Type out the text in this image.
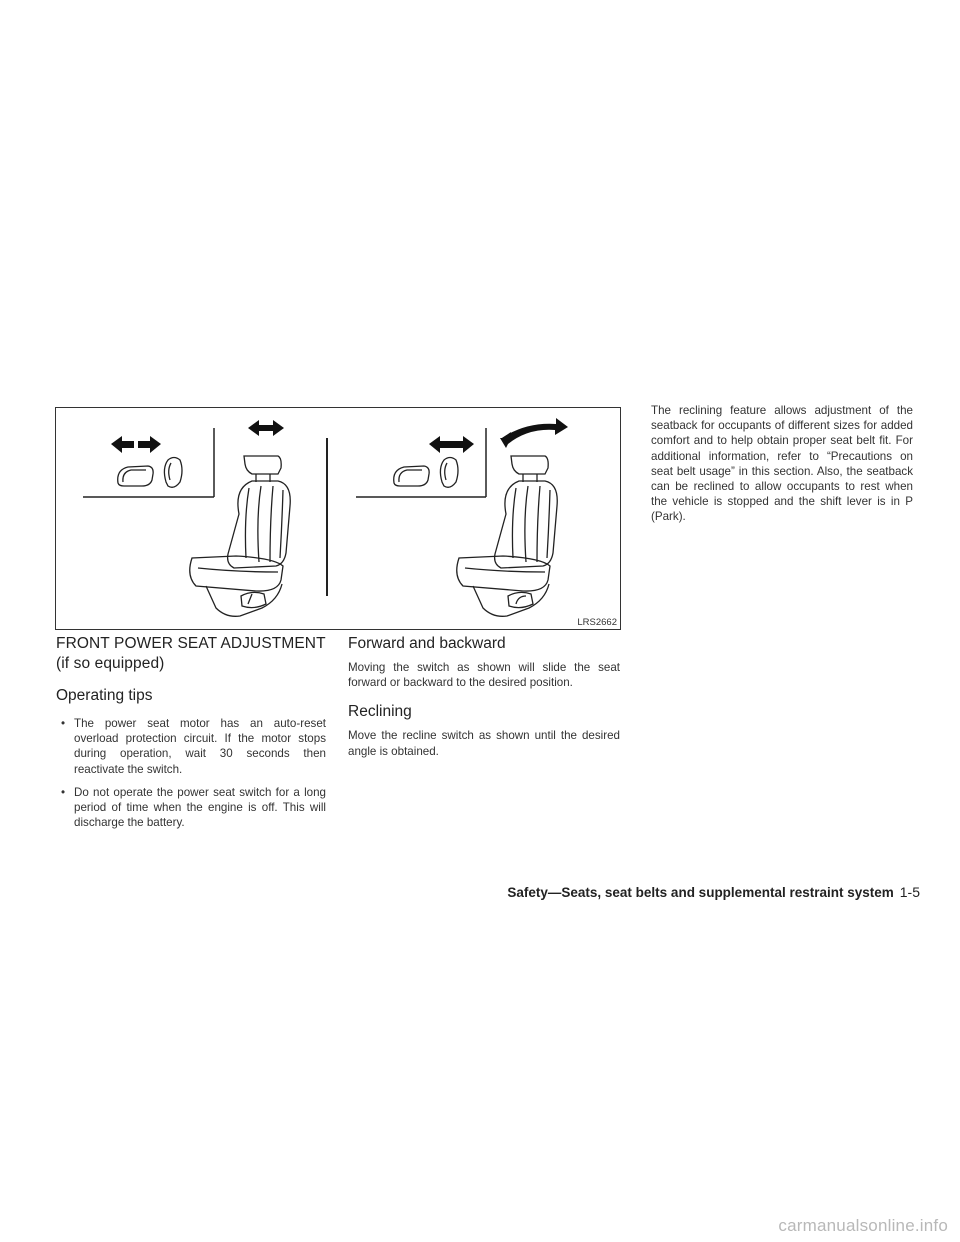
LRS2662
FRONT POWER SEAT ADJUSTMENT
(if so equipped)
Operating tips
• The power seat motor has an auto-reset overload protection circuit. If the motor stops during operation, wait 30 seconds then reactivate the switch.

• Do not operate the power seat switch for a long period of time when the engine is off. This will discharge the battery.

Forward and backward

Moving the switch as shown will slide the seat forward or backward to the desired position.

Reclining

Move the recline switch as shown until the desired angle is obtained.

The reclining feature allows adjustment of the seatback for occupants of different sizes for added comfort and to help obtain proper seat belt fit. For additional information, refer to “Precautions on seat belt usage” in this section. Also, the seatback can be reclined to allow occupants to rest when the vehicle is stopped and the shift lever is in P (Park).

Safety—Seats, seat belts and supplemental restraint system 1-5
carmanualsonline.info
